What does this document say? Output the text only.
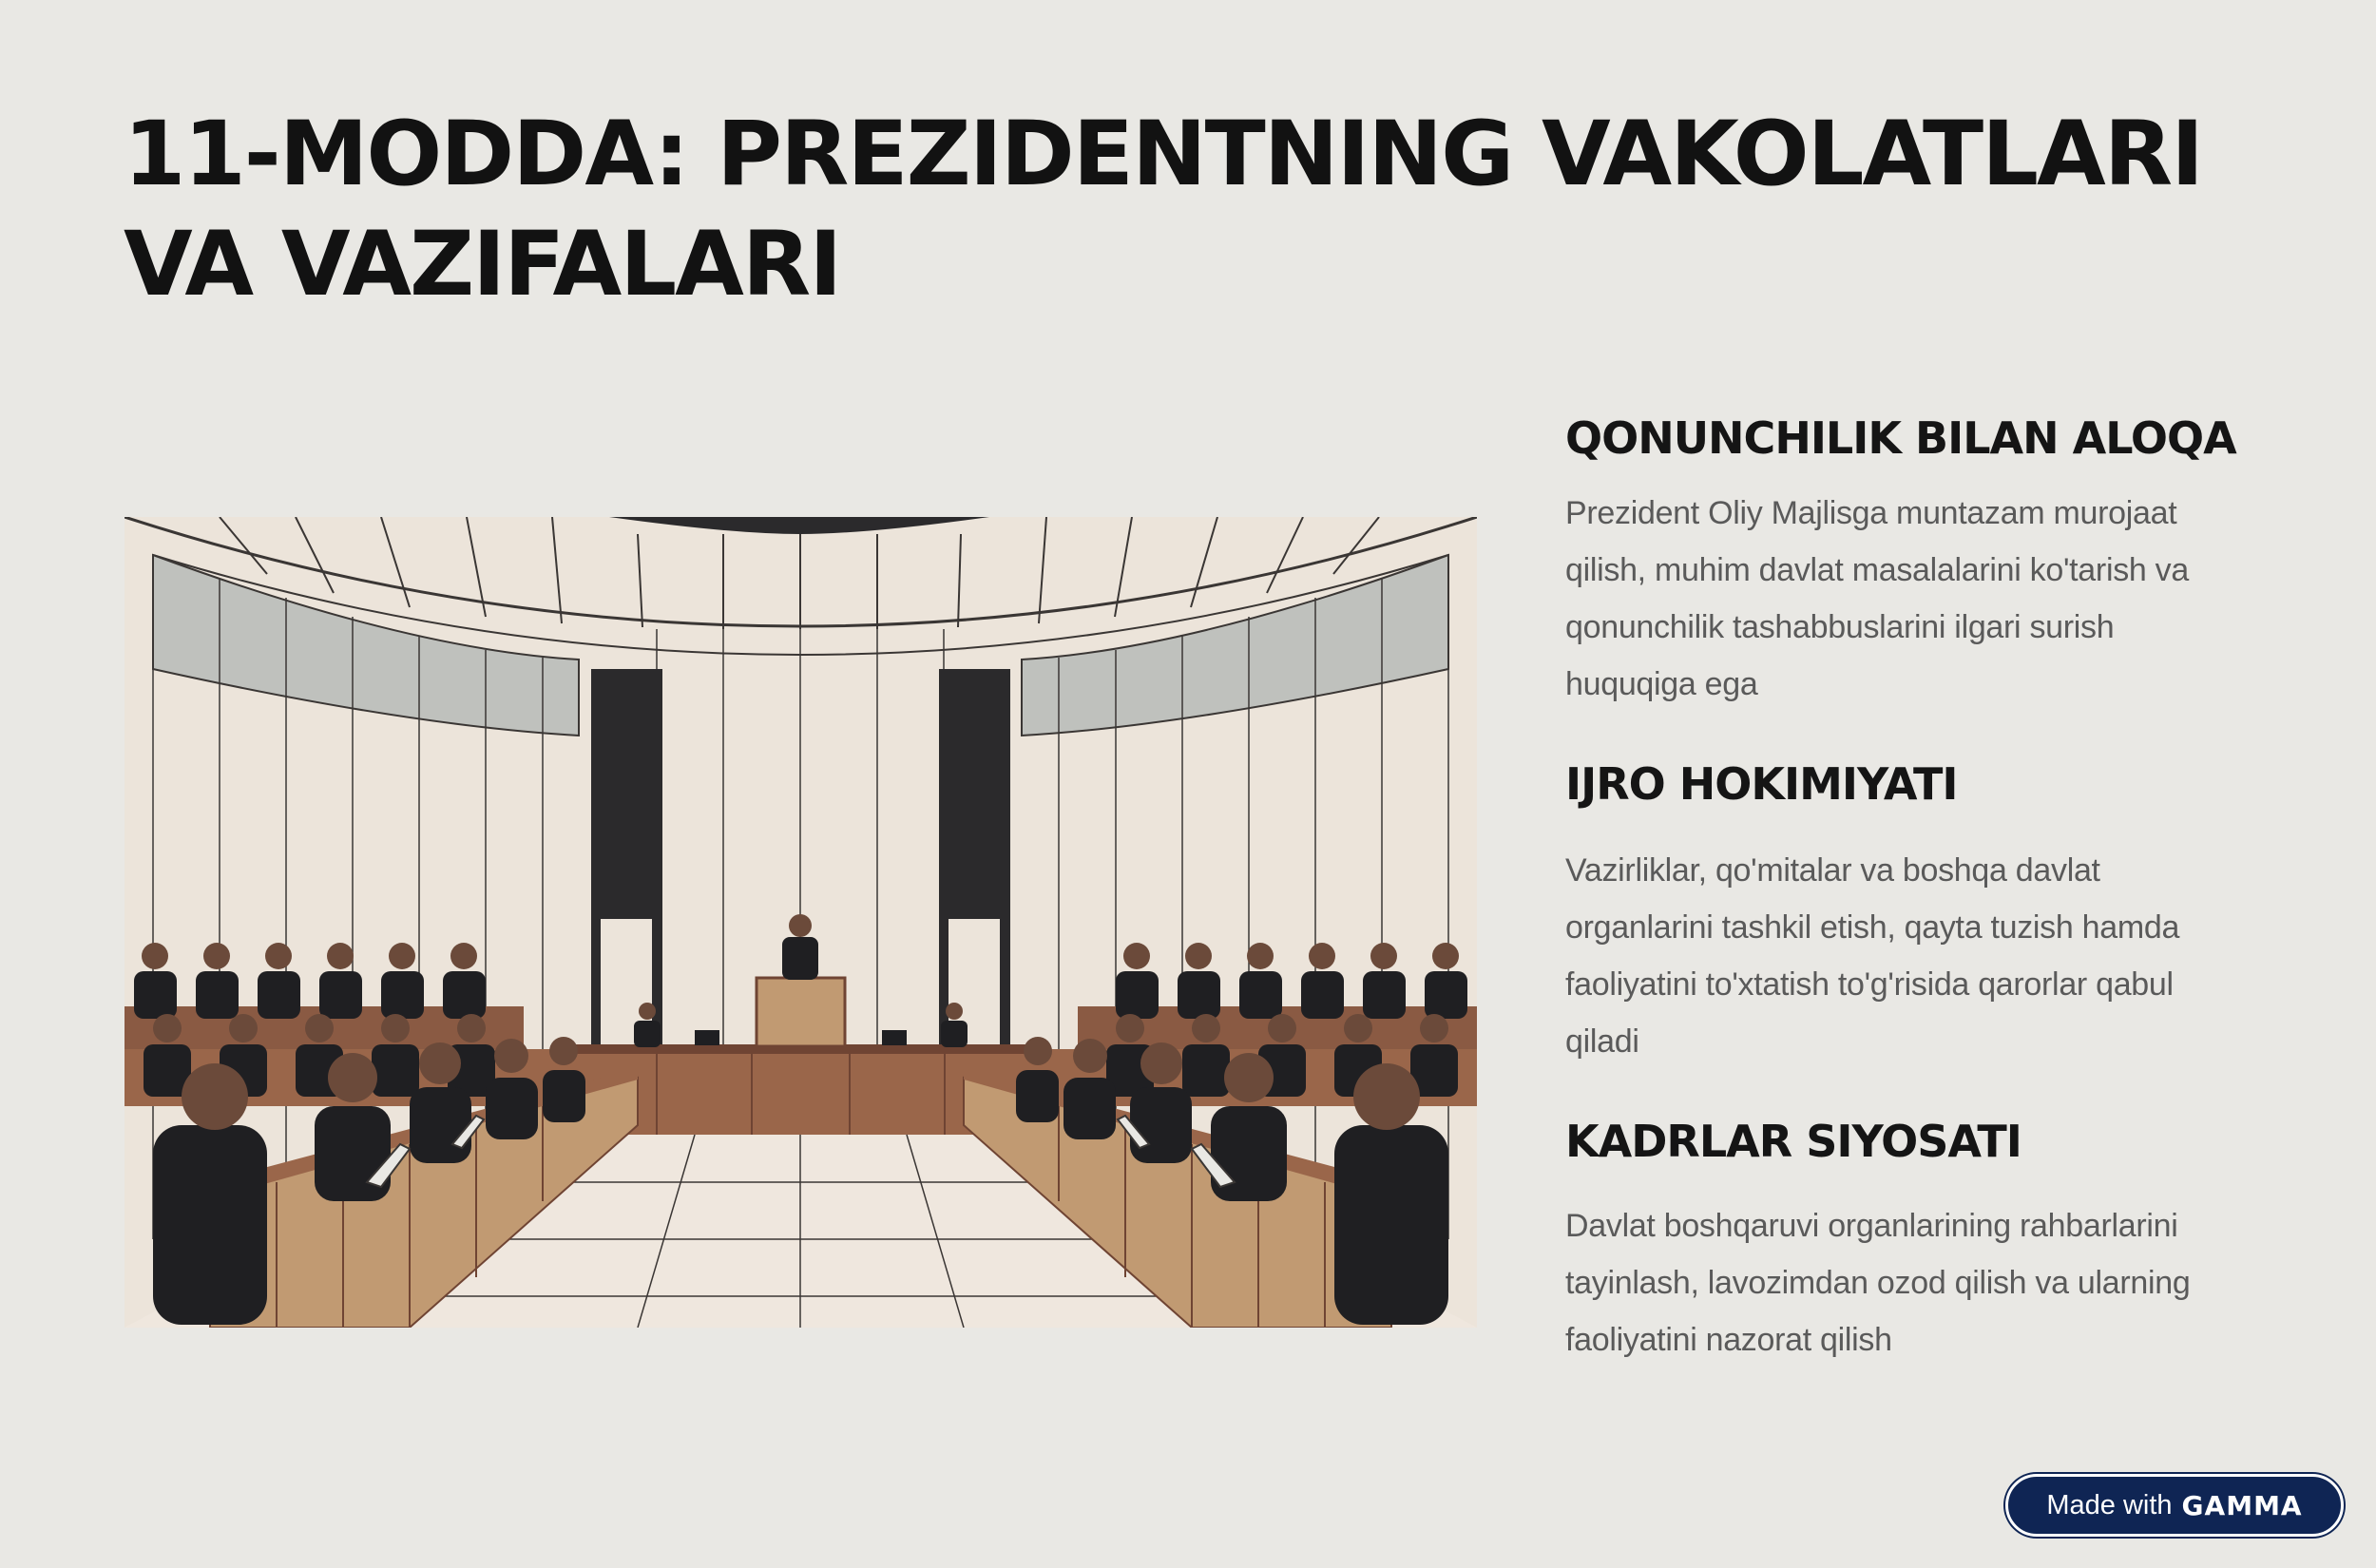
11-MODDA: PREZIDENTNING VAKOLATLARI VA VAZIFALARI
QONUNCHILIK BILAN ALOQA

Prezident Oliy Majlisga muntazam murojaat qilish, muhim davlat masalalarini ko'tarish va qonunchilik tashabbuslarini ilgari surish huquqiga ega

IJRO HOKIMIYATI

Vazirliklar, qo'mitalar va boshqa davlat organlarini tashkil etish, qayta tuzish hamda faoliyatini to'xtatish to'g'risida qarorlar qabul qiladi

KADRLAR SIYOSATI

Davlat boshqaruvi organlarining rahbarlarini tayinlash, lavozimdan ozod qilish va ularning faoliyatini nazorat qilish

Made with GAMMA
